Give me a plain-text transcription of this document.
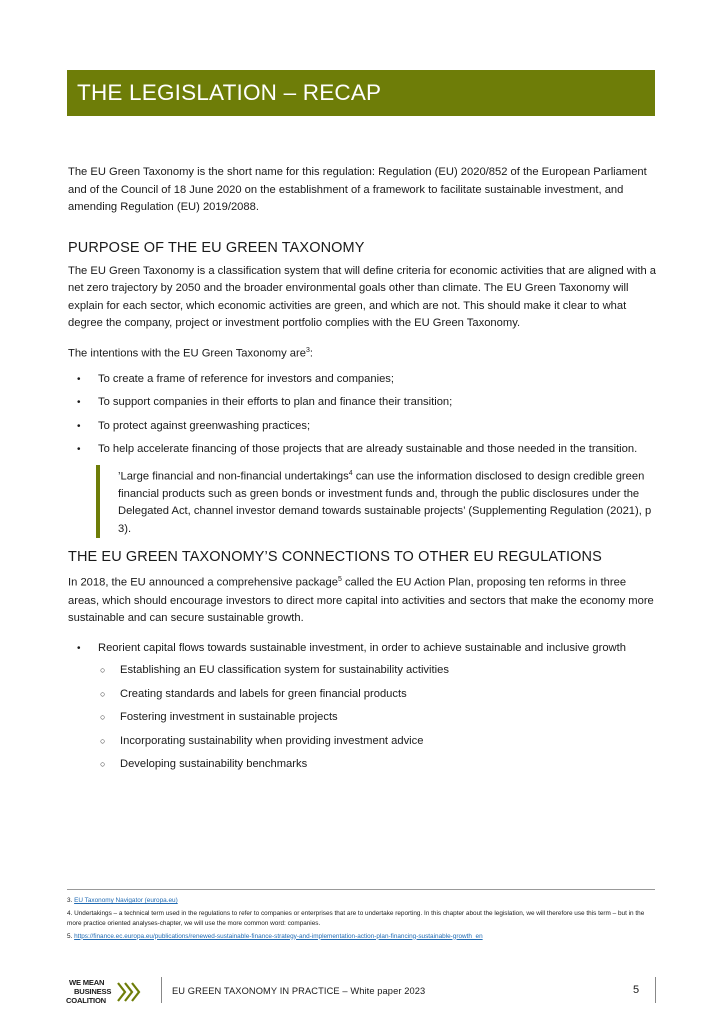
THE LEGISLATION – RECAP

The EU Green Taxonomy is the short name for this regulation: Regulation (EU) 2020/852 of the European Parliament and of the Council of 18 June 2020 on the establishment of a framework to facilitate sustainable investment, and amending Regulation (EU) 2019/2088.

PURPOSE OF THE EU GREEN TAXONOMY

The EU Green Taxonomy is a classification system that will define criteria for economic activities that are aligned with a net zero trajectory by 2050 and the broader environmental goals other than climate. The EU Green Taxonomy will explain for each sector, which economic activities are green, and which are not. This should make it clear to what degree the company, project or investment portfolio complies with the EU Green Taxonomy.

The intentions with the EU Green Taxonomy are$^3$:

• To create a frame of reference for investors and companies;
• To support companies in their efforts to plan and finance their transition;
• To protect against greenwashing practices;
• To help accelerate financing of those projects that are already sustainable and those needed in the transition.
’Large financial and non-financial undertakings$^4$ can use the information disclosed to design credible green financial products such as green bonds or investment funds and, through the public disclosures under the Delegated Act, channel investor demand towards sustainable projects’ (Supplementing Regulation (2021), p 3).
THE EU GREEN TAXONOMY’S CONNECTIONS TO OTHER EU REGULATIONS

In 2018, the EU announced a comprehensive package$^5$ called the EU Action Plan, proposing ten reforms in three areas, which should encourage investors to direct more capital into activities and sectors that make the economy more sustainable and can secure sustainable growth.

• Reorient capital flows towards sustainable investment, in order to achieve sustainable and inclusive growth
○ Establishing an EU classification system for sustainability activities
○ Creating standards and labels for green financial products
○ Fostering investment in sustainable projects
○ Incorporating sustainability when providing investment advice
○ Developing sustainability benchmarks
3. EU Taxonomy Navigator (europa.eu)
4. Undertakings – a technical term used in the regulations to refer to companies or enterprises that are to undertake reporting. In this chapter about the legislation, we will therefore use this term – but in the more practice oriented analyses-chapter, we will use the more common word: companies.
5. https://finance.ec.europa.eu/publications/renewed-sustainable-finance-strategy-and-implementation-action-plan-financing-sustainable-growth_en
WE MEAN
BUSINESS
COALITION
EU GREEN TAXONOMY IN PRACTICE – White paper 2023	5
